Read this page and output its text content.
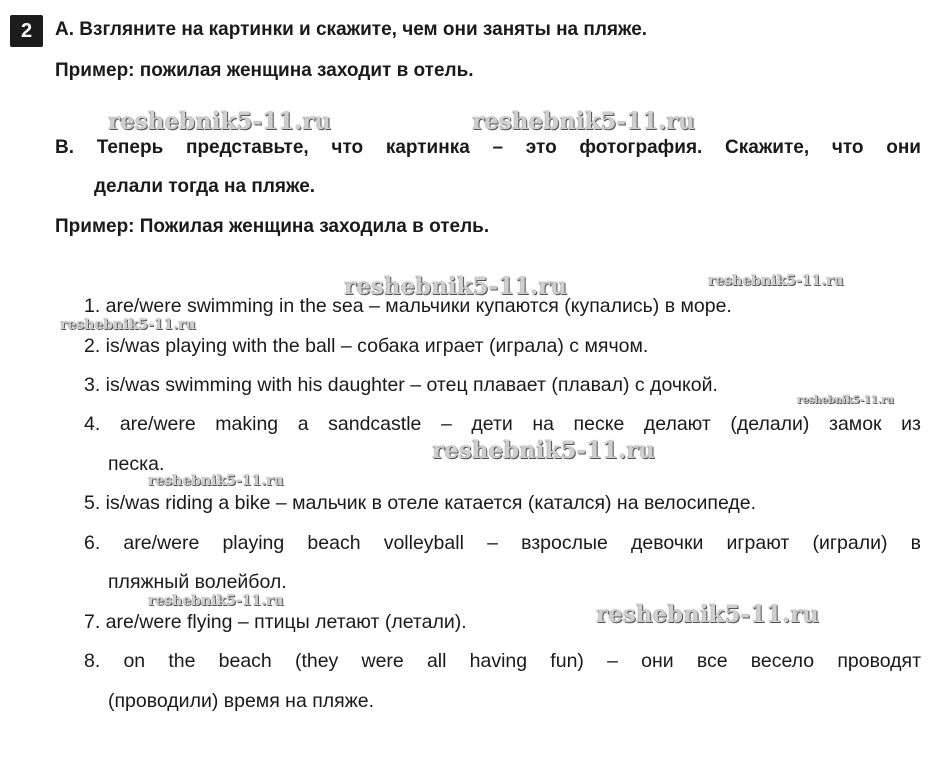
2	А. Взгляните на картинки и скажите, чем они заняты на пляже.
Пример: пожилая женщина заходит в отель.
В. Теперь представьте, что картинка – это фотография. Скажите, что они
делали тогда на пляже.
Пример: Пожилая женщина заходила в отель.
1. are/were swimming in the sea – мальчики купаются (купались) в море.
2. is/was playing with the ball – собака играет (играла) с мячом.
3. is/was swimming with his daughter – отец плавает (плавал) с дочкой.
4. are/were making a sandcastle – дети на песке делают (делали) замок из
песка.
5. is/was riding a bike – мальчик в отеле катается (катался) на велосипеде.
6. are/were playing beach volleyball – взрослые девочки играют (играли) в
пляжный волейбол.
7. are/were flying – птицы летают (летали).
8. on the beach (they were all having fun) – они все весело проводят
(проводили) время на пляже.
reshebnik5-11.ru	reshebnik5-11.ru
reshebnik5-11.ru	reshebnik5-11.ru
reshebnik5-11.ru
reshebnik5-11.ru
reshebnik5-11.ru
reshebnik5-11.ru
reshebnik5-11.ru	reshebnik5-11.ru
